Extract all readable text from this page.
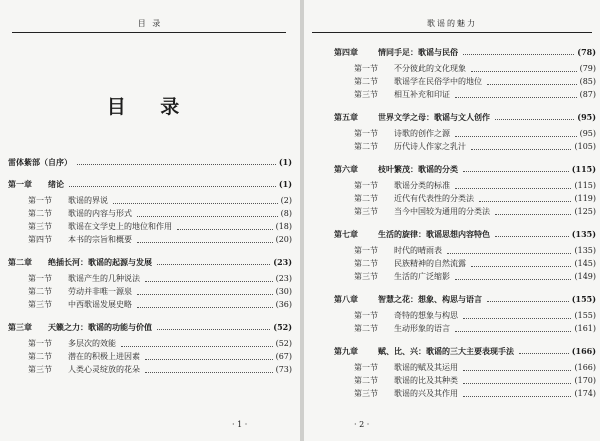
目 录
目 录
雷体紫部（自序）	(1)
第一章 绪论	(1)
第一节 歌谣的界说	(2)
第二节 歌谣的内容与形式	(8)
第三节 歌谣在文学史上的地位和作用	(18)
第四节 本书的宗旨和概要	(20)
第二章 绝插长河：歌谣的起源与发展	(23)
第一节 歌谣产生的几种说法	(23)
第二节 劳动并非唯一源泉	(30)
第三节 中西歌谣发展史略	(36)
第三章 天籁之力：歌谣的功能与价值	(52)
第一节 多层次的效能	(52)
第二节 潜在的积极上进因素	(67)
第三节 人类心灵绽放的花朵	(73)
· 1 ·
歌谣的魅力
第四章	情同手足：歌谣与民俗	(78)
第一节 不分彼此的文化现象	(79)
第二节 歌谣学在民俗学中的地位	(85)
第三节 相互补充和印证	(87)
第五章	世界文学之母：歌谣与文人创作	(95)
第一节 诗歌的创作之源	(95)
第二节 历代诗人作家之乳汁	(105)
第六章	枝叶繁茂：歌谣的分类	(115)
第一节 歌谣分类的标准	(115)
第二节 近代有代表性的分类法	(119)
第三节 当今中国较为通用的分类法	(125)
第七章	生活的旋律：歌谣思想内容特色	(135)
第一节 时代的晴雨表	(135)
第二节 民族精神的自然流露	(145)
第三节 生活的广泛缩影	(149)
第八章	智慧之花：想象、构思与语言	(155)
第一节 奇特的想象与构思	(155)
第二节 生动形象的语言	(161)
第九章	赋、比、兴：歌谣的三大主要表现手法	(166)
第一节 歌谣的赋及其运用	(166)
第二节 歌谣的比及其种类	(170)
第三节 歌谣的兴及其作用	(174)
· 2 ·
